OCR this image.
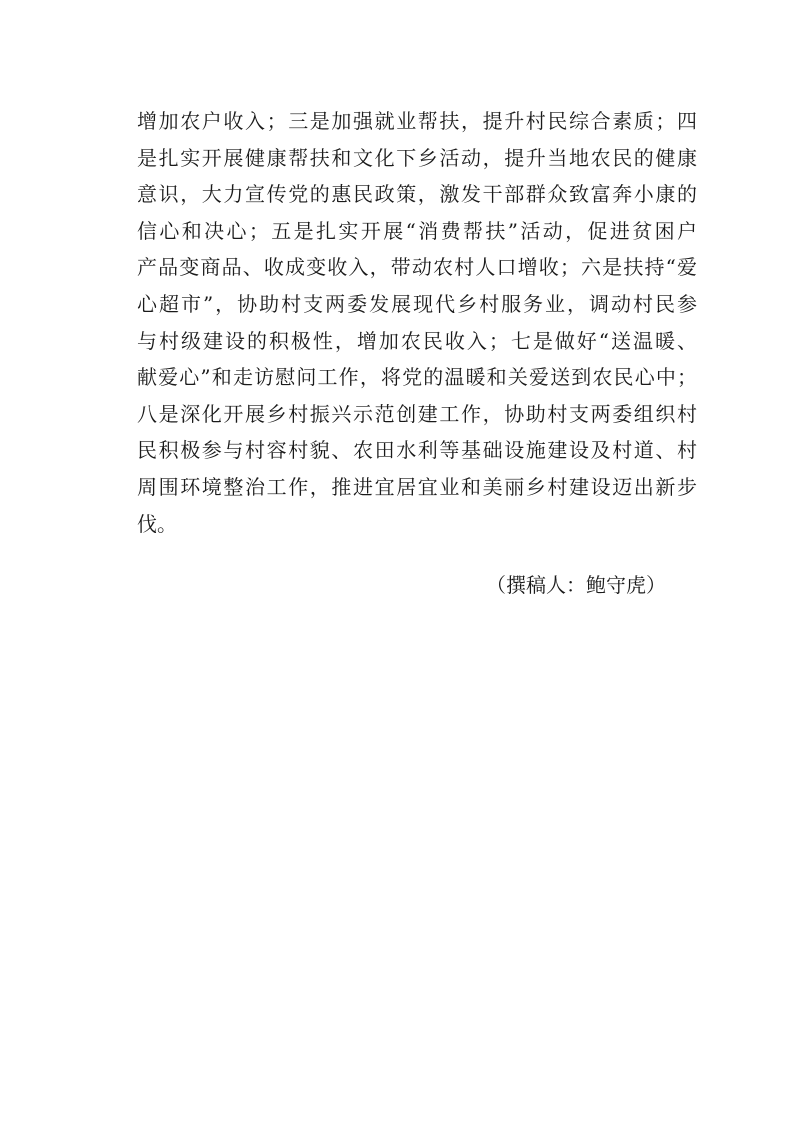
增加农户收入；三是加强就业帮扶，提升村民综合素质；四
是扎实开展健康帮扶和文化下乡活动，提升当地农民的健康
意识，大力宣传党的惠民政策，激发干部群众致富奔小康的
信心和决心；五是扎实开展“消费帮扶”活动，促进贫困户
产品变商品、收成变收入，带动农村人口增收；六是扶持“爱
心超市”，协助村支两委发展现代乡村服务业，调动村民参
与村级建设的积极性，增加农民收入；七是做好“送温暖、
献爱心”和走访慰问工作，将党的温暖和关爱送到农民心中；
八是深化开展乡村振兴示范创建工作，协助村支两委组织村
民积极参与村容村貌、农田水利等基础设施建设及村道、村
周围环境整治工作，推进宜居宜业和美丽乡村建设迈出新步
伐。
（撰稿人：鲍守虎）
